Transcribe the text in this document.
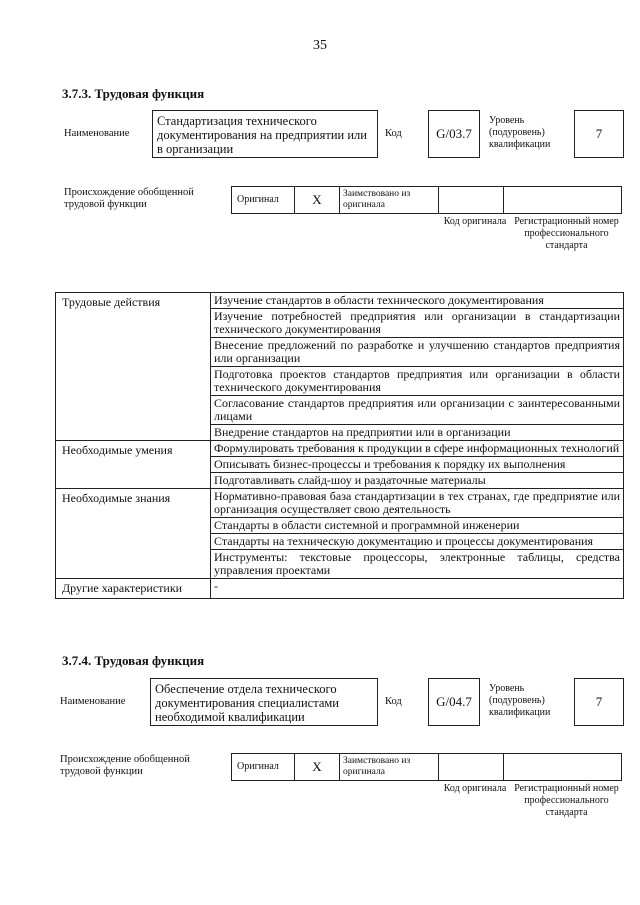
35
3.7.3. Трудовая функция
Наименование
Стандартизация технического документирования на предприятии или в организации
Код	G/03.7
Уровень (подуровень) квалификации
7
Происхождение обобщенной трудовой функции	Оригинал	X	Заимствовано из оригинала
Код оригинала Регистрационный номер профессионального стандарта
Трудовые действия	Изучение стандартов в области технического документирования
	Изучение потребностей предприятия или организации в стандартизации технического документирования
	Внесение предложений по разработке и улучшению стандартов предприятия или организации
	Подготовка проектов стандартов предприятия или организации в области технического документирования
	Согласование стандартов предприятия или организации с заинтересованными лицами
	Внедрение стандартов на предприятии или в организации
Необходимые умения	Формулировать требования к продукции в сфере информационных технологий
	Описывать бизнес-процессы и требования к порядку их выполнения
	Подготавливать слайд-шоу и раздаточные материалы
Необходимые знания	Нормативно-правовая база стандартизации в тех странах, где предприятие или организация осуществляет свою деятельность
	Стандарты в области системной и программной инженерии
	Стандарты на техническую документацию и процессы документирования
	Инструменты: текстовые процессоры, электронные таблицы, средства управления проектами
Другие характеристики	-
3.7.4. Трудовая функция
Наименование
Обеспечение отдела технического документирования специалистами необходимой квалификации
Код	G/04.7
Уровень (подуровень) квалификации
7
Происхождение обобщенной трудовой функции	Оригинал	X	Заимствовано из оригинала
Код оригинала Регистрационный номер профессионального стандарта
